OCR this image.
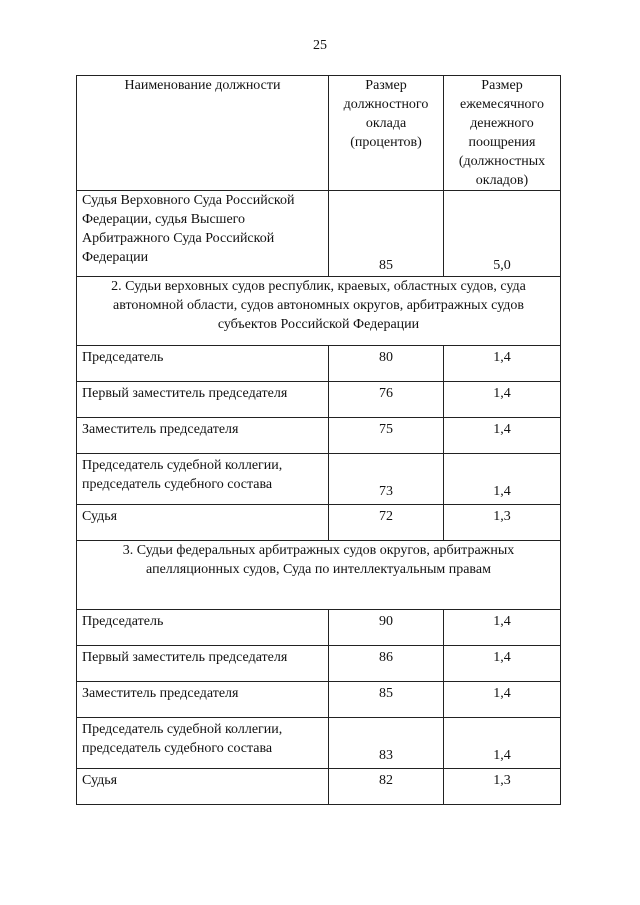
25
Наименование должности	Размер должностного оклада (процентов)	Размер ежемесячного денежного поощрения (должностных окладов)
Судья Верховного Суда Российской Федерации, судья Высшего Арбитражного Суда Российской Федерации	85	5,0
2. Судьи верховных судов республик, краевых, областных судов, суда автономной области, судов автономных округов, арбитражных судов субъектов Российской Федерации		
Председатель	80	1,4
Первый заместитель председателя	76	1,4
Заместитель председателя	75	1,4
Председатель судебной коллегии, председатель судебного состава	73	1,4
Судья	72	1,3
3. Судьи федеральных арбитражных судов округов, арбитражных апелляционных судов, Суда по интеллектуальным правам		
Председатель	90	1,4
Первый заместитель председателя	86	1,4
Заместитель председателя	85	1,4
Председатель судебной коллегии, председатель судебного состава	83	1,4
Судья	82	1,3
